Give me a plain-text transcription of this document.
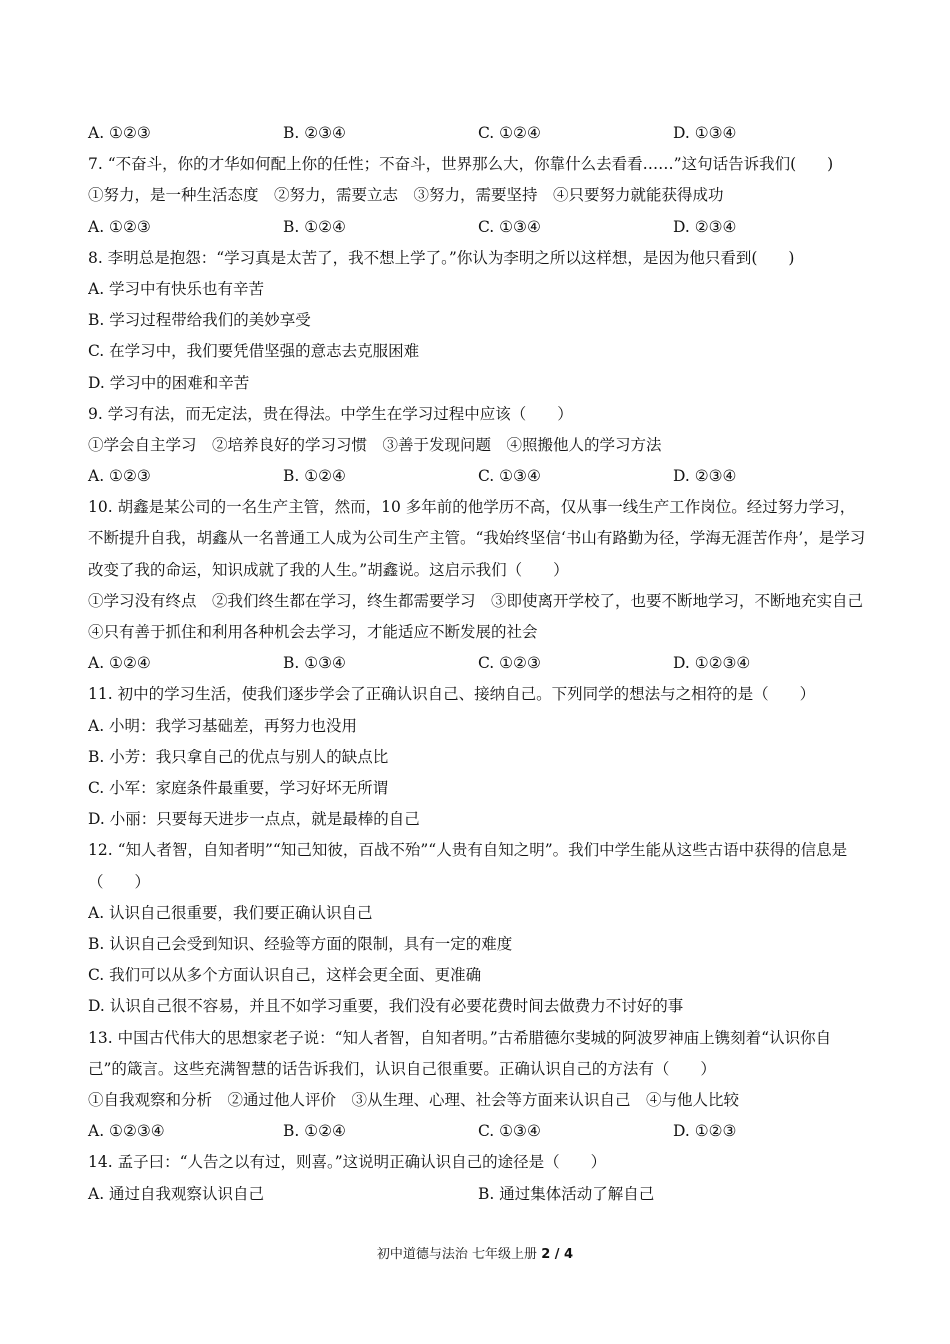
A. ①②③	B. ②③④	C. ①②④	D. ①③④
7. “不奋斗，你的才华如何配上你的任性；不奋斗，世界那么大，你靠什么去看看……”这句话告诉我们(　　)
①努力，是一种生活态度　②努力，需要立志　③努力，需要坚持　④只要努力就能获得成功
A. ①②③	B. ①②④	C. ①③④	D. ②③④
8. 李明总是抱怨：“学习真是太苦了，我不想上学了。”你认为李明之所以这样想，是因为他只看到(　　)
A. 学习中有快乐也有辛苦
B. 学习过程带给我们的美妙享受
C. 在学习中，我们要凭借坚强的意志去克服困难
D. 学习中的困难和辛苦
9. 学习有法，而无定法，贵在得法。中学生在学习过程中应该（　　）
①学会自主学习　②培养良好的学习习惯　③善于发现问题　④照搬他人的学习方法
A. ①②③	B. ①②④	C. ①③④	D. ②③④
10. 胡鑫是某公司的一名生产主管，然而，10 多年前的他学历不高，仅从事一线生产工作岗位。经过努力学习，不断提升自我，胡鑫从一名普通工人成为公司生产主管。“我始终坚信‘书山有路勤为径，学海无涯苦作舟’，是学习改变了我的命运，知识成就了我的人生。”胡鑫说。这启示我们（　　）
①学习没有终点　②我们终生都在学习，终生都需要学习　③即使离开学校了，也要不断地学习，不断地充实自己　④只有善于抓住和利用各种机会去学习，才能适应不断发展的社会
A. ①②④	B. ①③④	C. ①②③	D. ①②③④
11. 初中的学习生活，使我们逐步学会了正确认识自己、接纳自己。下列同学的想法与之相符的是（　　）
A. 小明：我学习基础差，再努力也没用
B. 小芳：我只拿自己的优点与别人的缺点比
C. 小军：家庭条件最重要，学习好坏无所谓
D. 小丽：只要每天进步一点点，就是最棒的自己
12. “知人者智，自知者明”“知己知彼，百战不殆”“人贵有自知之明”。我们中学生能从这些古语中获得的信息是（　　）
A. 认识自己很重要，我们要正确认识自己
B. 认识自己会受到知识、经验等方面的限制，具有一定的难度
C. 我们可以从多个方面认识自己，这样会更全面、更准确
D. 认识自己很不容易，并且不如学习重要，我们没有必要花费时间去做费力不讨好的事
13. 中国古代伟大的思想家老子说：“知人者智，自知者明。”古希腊德尔斐城的阿波罗神庙上镌刻着“认识你自己”的箴言。这些充满智慧的话告诉我们，认识自己很重要。正确认识自己的方法有（　　）
①自我观察和分析　②通过他人评价　③从生理、心理、社会等方面来认识自己　④与他人比较
A. ①②③④	B. ①②④	C. ①③④	D. ①②③
14. 孟子曰：“人告之以有过，则喜。”这说明正确认识自己的途径是（　　）
A. 通过自我观察认识自己	B. 通过集体活动了解自己
初中道德与法治 七年级上册 2 / 4
